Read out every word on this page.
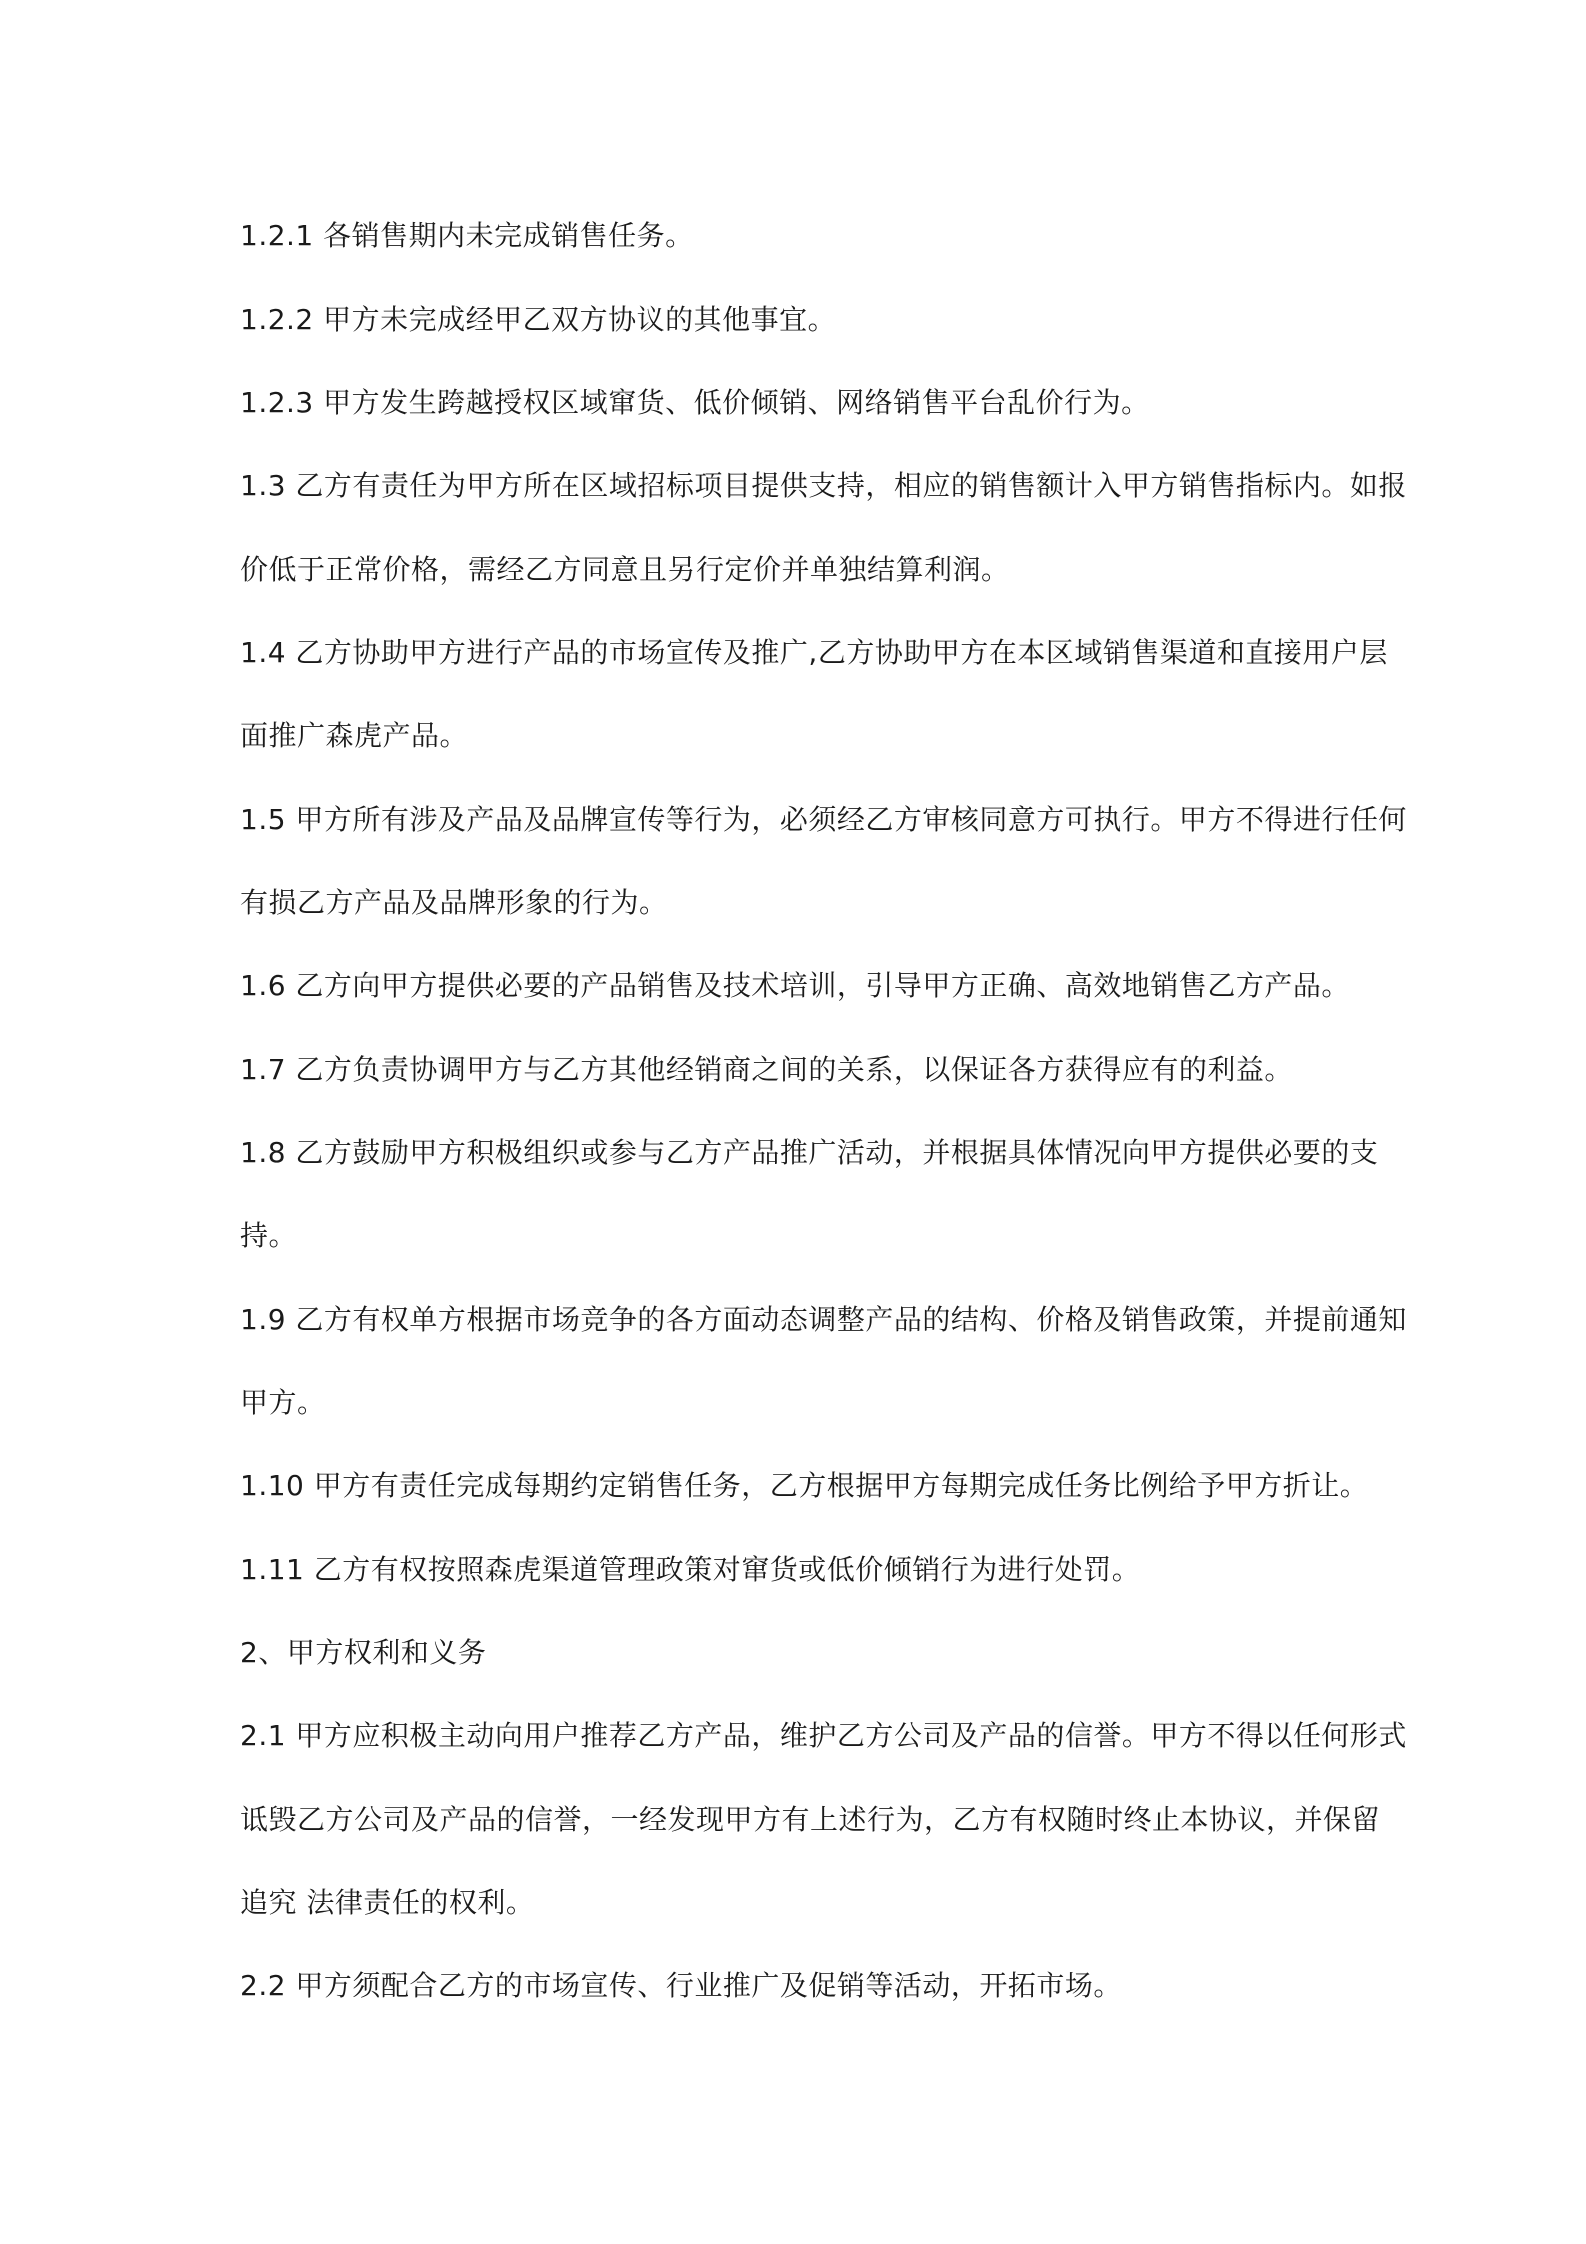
1.2.1 各销售期内未完成销售任务。
1.2.2 甲方未完成经甲乙双方协议的其他事宜。
1.2.3 甲方发生跨越授权区域窜货、低价倾销、网络销售平台乱价行为。
1.3 乙方有责任为甲方所在区域招标项目提供支持，相应的销售额计入甲方销售指标内。如报
价低于正常价格，需经乙方同意且另行定价并单独结算利润。
1.4 乙方协助甲方进行产品的市场宣传及推广,乙方协助甲方在本区域销售渠道和直接用户层
面推广森虎产品。
1.5 甲方所有涉及产品及品牌宣传等行为，必须经乙方审核同意方可执行。甲方不得进行任何
有损乙方产品及品牌形象的行为。
1.6 乙方向甲方提供必要的产品销售及技术培训，引导甲方正确、高效地销售乙方产品。
1.7 乙方负责协调甲方与乙方其他经销商之间的关系，以保证各方获得应有的利益。
1.8 乙方鼓励甲方积极组织或参与乙方产品推广活动，并根据具体情况向甲方提供必要的支
持。
1.9 乙方有权单方根据市场竞争的各方面动态调整产品的结构、价格及销售政策，并提前通知
甲方。
1.10 甲方有责任完成每期约定销售任务，乙方根据甲方每期完成任务比例给予甲方折让。
1.11 乙方有权按照森虎渠道管理政策对窜货或低价倾销行为进行处罚。
2、甲方权利和义务
2.1 甲方应积极主动向用户推荐乙方产品，维护乙方公司及产品的信誉。甲方不得以任何形式
诋毁乙方公司及产品的信誉，一经发现甲方有上述行为，乙方有权随时终止本协议，并保留
追究 法律责任的权利。
2.2 甲方须配合乙方的市场宣传、行业推广及促销等活动，开拓市场。
